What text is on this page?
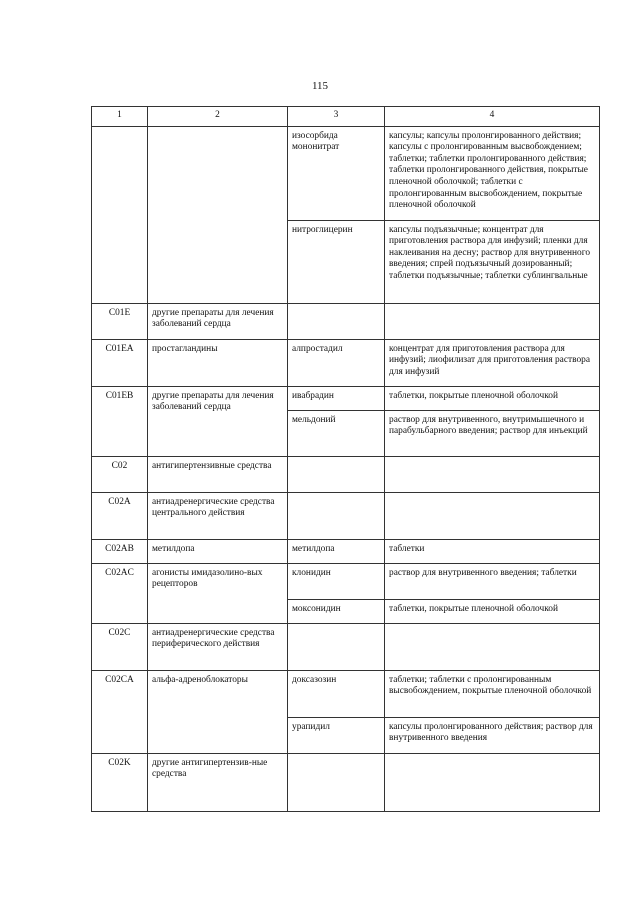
115
1	2	3	4
		изосорбида мононитрат	капсулы; капсулы пролонгированного действия; капсулы с пролонгированным высвобождением; таблетки; таблетки пролонгированного действия; таблетки пролонгированного действия, покрытые пленочной оболочкой; таблетки с пролонгированным высвобождением, покрытые пленочной оболочкой
		нитроглицерин	капсулы подъязычные; концентрат для приготовления раствора для инфузий; пленки для наклеивания на десну; раствор для внутривенного введения; спрей подъязычный дозированный; таблетки подъязычные; таблетки сублингвальные
C01E	другие препараты для лечения заболеваний сердца		
C01EA	простагландины	алпростадил	концентрат для приготовления раствора для инфузий; лиофилизат для приготовления раствора для инфузий
C01EB	другие препараты для лечения заболеваний сердца	ивабрадин	таблетки, покрытые пленочной оболочкой
		мельдоний	раствор для внутривенного, внутримышечного и парабульбарного введения; раствор для инъекций
C02	антигипертензивные средства		
C02A	антиадренергические средства центрального действия		
C02AB	метилдопа	метилдопа	таблетки
C02AC	агонисты имидазолино-вых рецепторов	клонидин	раствор для внутривенного введения; таблетки
		моксонидин	таблетки, покрытые пленочной оболочкой
C02C	антиадренергические средства периферического действия		
C02CA	альфа-адреноблокаторы	доксазозин	таблетки; таблетки с пролонгированным высвобождением, покрытые пленочной оболочкой
		урапидил	капсулы пролонгированного действия; раствор для внутривенного введения
C02K	другие антигипертензив-ные средства		
